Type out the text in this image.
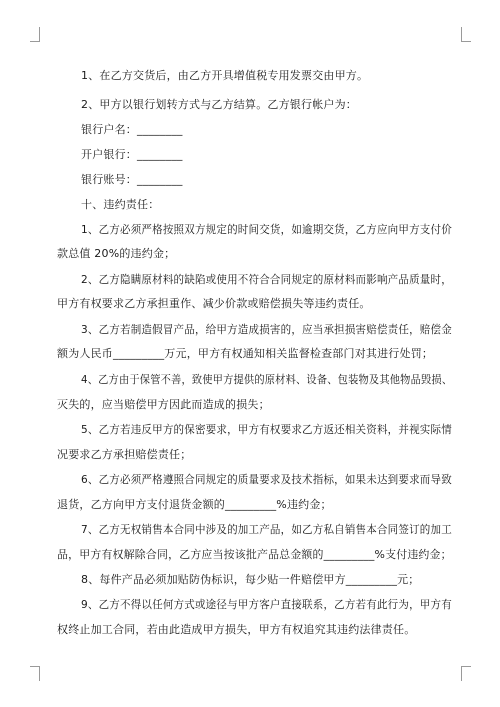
1、在乙方交货后，由乙方开具增值税专用发票交由甲方。
2、甲方以银行划转方式与乙方结算。乙方银行帐户为：
银行户名：________
开户银行：________
银行账号：________
十、违约责任：
1、乙方必须严格按照双方规定的时间交货，如逾期交货，乙方应向甲方支付价
款总值 20%的违约金；
2、乙方隐瞒原材料的缺陷或使用不符合合同规定的原材料而影响产品质量时，
甲方有权要求乙方承担重作、减少价款或赔偿损失等违约责任。
3、乙方若制造假冒产品，给甲方造成损害的，应当承担损害赔偿责任，赔偿金
额为人民币_________万元，甲方有权通知相关监督检查部门对其进行处罚；
4、乙方由于保管不善，致使甲方提供的原材料、设备、包装物及其他物品毁损、
灭失的，应当赔偿甲方因此而造成的损失；
5、乙方若违反甲方的保密要求，甲方有权要求乙方返还相关资料，并视实际情
况要求乙方承担赔偿责任；
6、乙方必须严格遵照合同规定的质量要求及技术指标，如果未达到要求而导致
退货，乙方向甲方支付退货金额的_________%违约金；
7、乙方无权销售本合同中涉及的加工产品，如乙方私自销售本合同签订的加工
品，甲方有权解除合同，乙方应当按该批产品总金额的_________%支付违约金；
8、每件产品必须加贴防伪标识，每少贴一件赔偿甲方_________元；
9、乙方不得以任何方式或途径与甲方客户直接联系，乙方若有此行为，甲方有
权终止加工合同，若由此造成甲方损失，甲方有权追究其违约法律责任。
